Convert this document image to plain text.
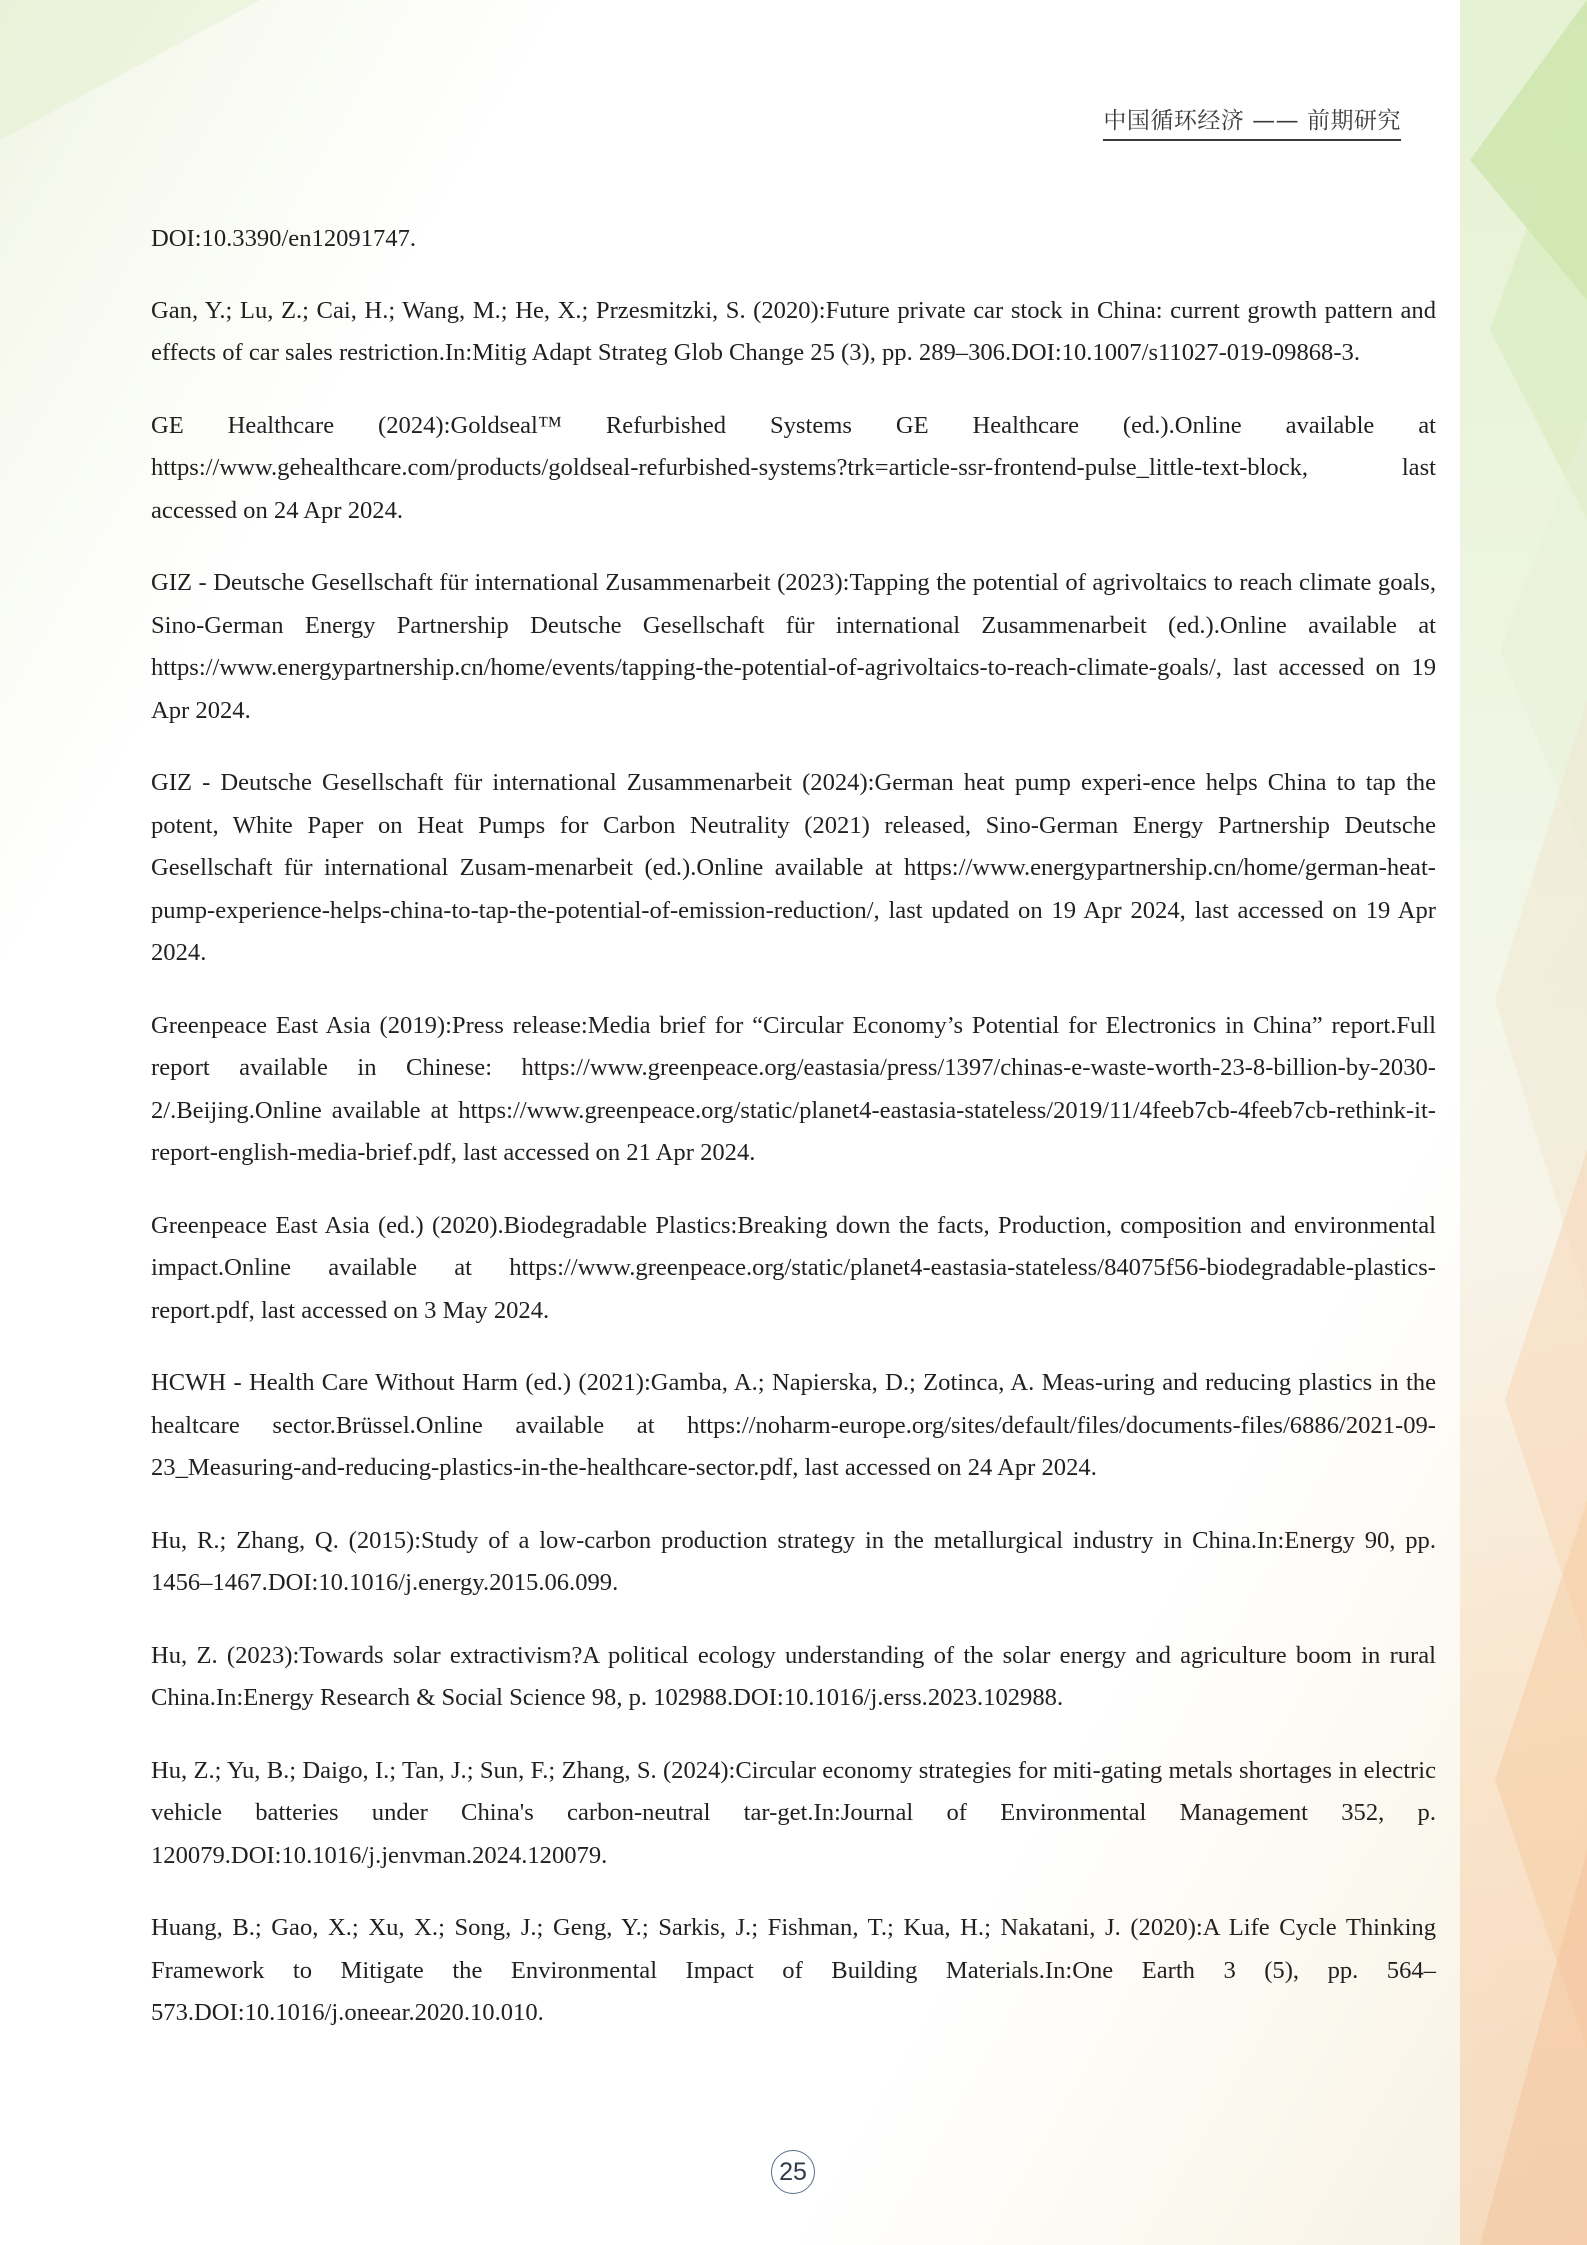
中国循环经济 —— 前期研究

DOI:10.3390/en12091747.

Gan, Y.; Lu, Z.; Cai, H.; Wang, M.; He, X.; Przesmitzki, S. (2020):Future private car stock in China: current growth pattern and effects of car sales restriction.In:Mitig Adapt Strateg Glob Change 25 (3), pp. 289–306.DOI:10.1007/s11027-019-09868-3.

GE Healthcare (2024):Goldseal™ Refurbished Systems GE Healthcare (ed.).Online available at https://www.gehealthcare.com/products/goldseal-refurbished-systems?trk=article-ssr-frontend-pulse_little-text-block, last accessed on 24 Apr 2024.

GIZ - Deutsche Gesellschaft für international Zusammenarbeit (2023):Tapping the potential of agrivoltaics to reach climate goals, Sino-German Energy Partnership Deutsche Gesellschaft für international Zusammenarbeit (ed.).Online available at https://www.energypartnership.cn/home/events/tapping-the-potential-of-agrivoltaics-to-reach-climate-goals/, last accessed on 19 Apr 2024.

GIZ - Deutsche Gesellschaft für international Zusammenarbeit (2024):German heat pump experi-ence helps China to tap the potent, White Paper on Heat Pumps for Carbon Neutrality (2021) released, Sino-German Energy Partnership Deutsche Gesellschaft für international Zusam-menarbeit (ed.).Online available at https://www.energypartnership.cn/home/german-heat-pump-experience-helps-china-to-tap-the-potential-of-emission-reduction/, last updated on 19 Apr 2024, last accessed on 19 Apr 2024.

Greenpeace East Asia (2019):Press release:Media brief for “Circular Economy’s Potential for Electronics in China” report.Full report available in Chinese: https://www.greenpeace.org/eastasia/press/1397/chinas-e-waste-worth-23-8-billion-by-2030-2/.Beijing.Online available at https://www.greenpeace.org/static/planet4-eastasia-stateless/2019/11/4feeb7cb-4feeb7cb-rethink-it-report-english-media-brief.pdf, last accessed on 21 Apr 2024.

Greenpeace East Asia (ed.) (2020).Biodegradable Plastics:Breaking down the facts, Production, composition and environmental impact.Online available at https://www.greenpeace.org/static/planet4-eastasia-stateless/84075f56-biodegradable-plastics-report.pdf, last accessed on 3 May 2024.

HCWH - Health Care Without Harm (ed.) (2021):Gamba, A.; Napierska, D.; Zotinca, A. Meas-uring and reducing plastics in the healtcare sector.Brüssel.Online available at https://noharm-europe.org/sites/default/files/documents-files/6886/2021-09-23_Measuring-and-reducing-plastics-in-the-healthcare-sector.pdf, last accessed on 24 Apr 2024.

Hu, R.; Zhang, Q. (2015):Study of a low-carbon production strategy in the metallurgical industry in China.In:Energy 90, pp. 1456–1467.DOI:10.1016/j.energy.2015.06.099.

Hu, Z. (2023):Towards solar extractivism?A political ecology understanding of the solar energy and agriculture boom in rural China.In:Energy Research & Social Science 98, p. 102988.DOI:10.1016/j.erss.2023.102988.

Hu, Z.; Yu, B.; Daigo, I.; Tan, J.; Sun, F.; Zhang, S. (2024):Circular economy strategies for miti-gating metals shortages in electric vehicle batteries under China's carbon-neutral tar-get.In:Journal of Environmental Management 352, p. 120079.DOI:10.1016/j.jenvman.2024.120079.

Huang, B.; Gao, X.; Xu, X.; Song, J.; Geng, Y.; Sarkis, J.; Fishman, T.; Kua, H.; Nakatani, J. (2020):A Life Cycle Thinking Framework to Mitigate the Environmental Impact of Building Materials.In:One Earth 3 (5), pp. 564–573.DOI:10.1016/j.oneear.2020.10.010.

25
